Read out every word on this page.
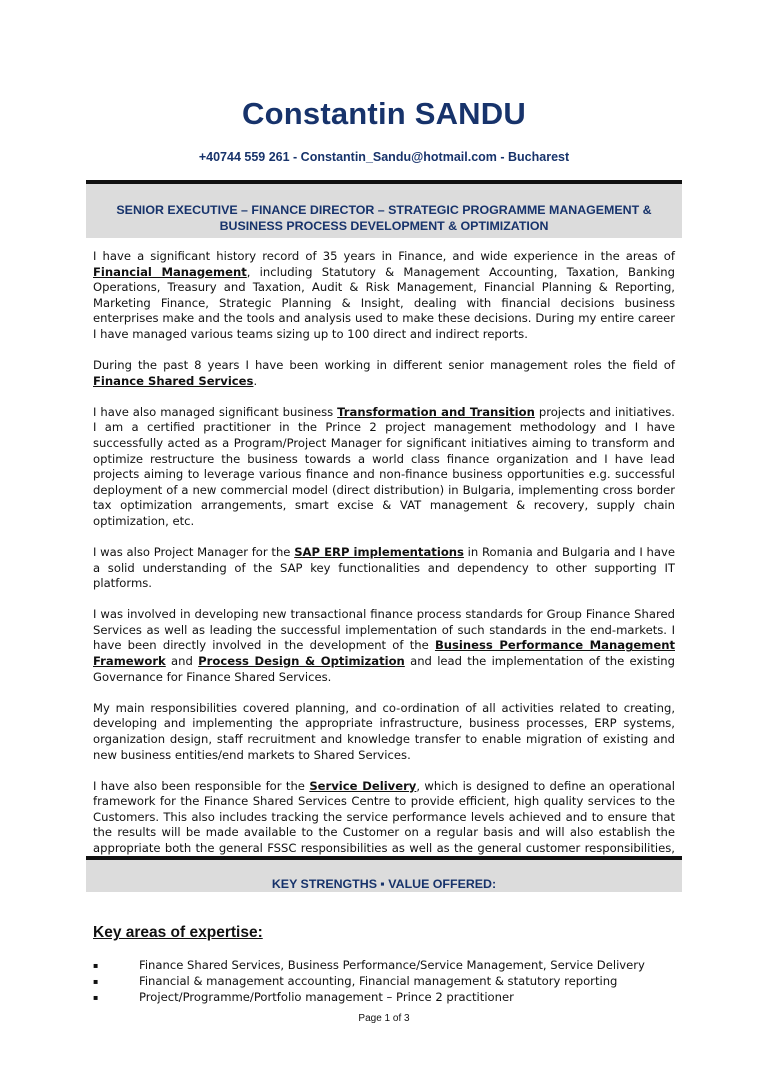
Constantin SANDU
+40744 559 261 - Constantin_Sandu@hotmail.com - Bucharest
SENIOR EXECUTIVE – FINANCE DIRECTOR – STRATEGIC PROGRAMME MANAGEMENT &
BUSINESS PROCESS DEVELOPMENT & OPTIMIZATION

I have a significant history record of 35 years in Finance, and wide experience in the areas of Financial Management, including Statutory & Management Accounting, Taxation, Banking Operations, Treasury and Taxation, Audit & Risk Management, Financial Planning & Reporting, Marketing Finance, Strategic Planning & Insight, dealing with financial decisions business enterprises make and the tools and analysis used to make these decisions. During my entire career I have managed various teams sizing up to 100 direct and indirect reports.

During the past 8 years I have been working in different senior management roles the field of Finance Shared Services.

I have also managed significant business Transformation and Transition projects and initiatives. I am a certified practitioner in the Prince 2 project management methodology and I have successfully acted as a Program/Project Manager for significant initiatives aiming to transform and optimize restructure the business towards a world class finance organization and I have lead projects aiming to leverage various finance and non-finance business opportunities e.g. successful deployment of a new commercial model (direct distribution) in Bulgaria, implementing cross border tax optimization arrangements, smart excise & VAT management & recovery, supply chain optimization, etc.

I was also Project Manager for the SAP ERP implementations in Romania and Bulgaria and I have a solid understanding of the SAP key functionalities and dependency to other supporting IT platforms.

I was involved in developing new transactional finance process standards for Group Finance Shared Services as well as leading the successful implementation of such standards in the end-markets. I have been directly involved in the development of the Business Performance Management Framework and Process Design & Optimization and lead the implementation of the existing Governance for Finance Shared Services.

My main responsibilities covered planning, and co-ordination of all activities related to creating, developing and implementing the appropriate infrastructure, business processes, ERP systems, organization design, staff recruitment and knowledge transfer to enable migration of existing and new business entities/end markets to Shared Services.

I have also been responsible for the Service Delivery, which is designed to define an operational framework for the Finance Shared Services Centre to provide efficient, high quality services to the Customers. This also includes tracking the service performance levels achieved and to ensure that the results will be made available to the Customer on a regular basis and will also establish the appropriate both the general FSSC responsibilities as well as the general customer responsibilities,

KEY STRENGTHS ▪ VALUE OFFERED:
Key areas of expertise:
▪	Finance Shared Services, Business Performance/Service Management, Service Delivery
▪	Financial & management accounting, Financial management & statutory reporting
▪	Project/Programme/Portfolio management – Prince 2 practitioner
Page 1 of 3
